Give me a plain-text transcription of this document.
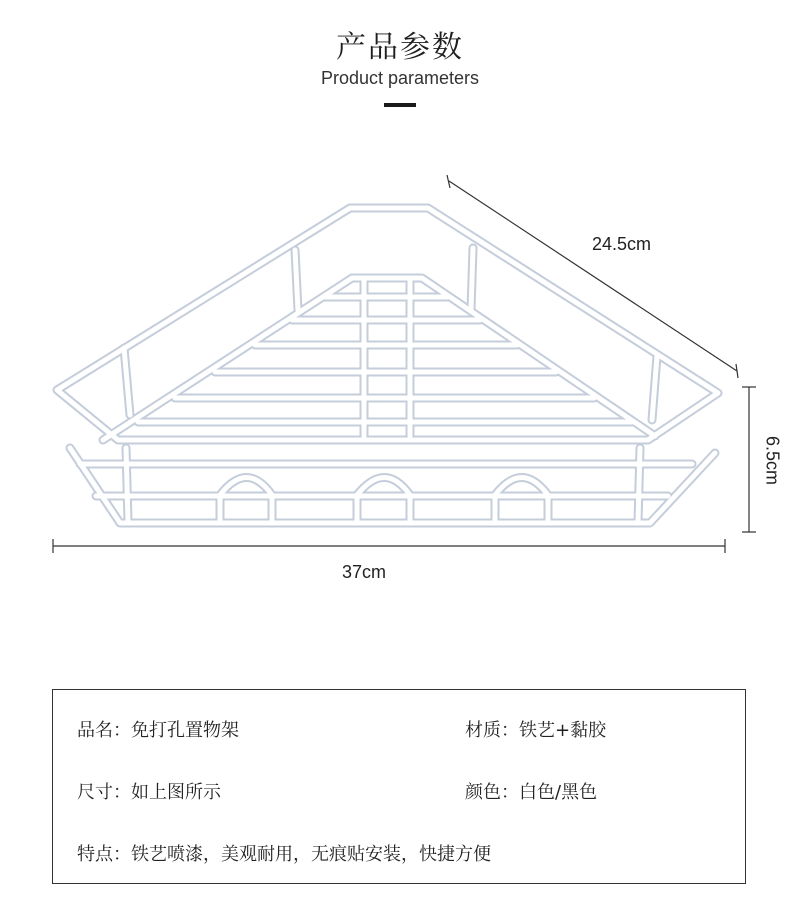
产品参数
Product parameters
24.5cm
37cm
6.5cm
品名：免打孔置物架	材质：铁艺+黏胶
尺寸：如上图所示	颜色：白色/黑色
特点：铁艺喷漆，美观耐用，无痕贴安装，快捷方便
